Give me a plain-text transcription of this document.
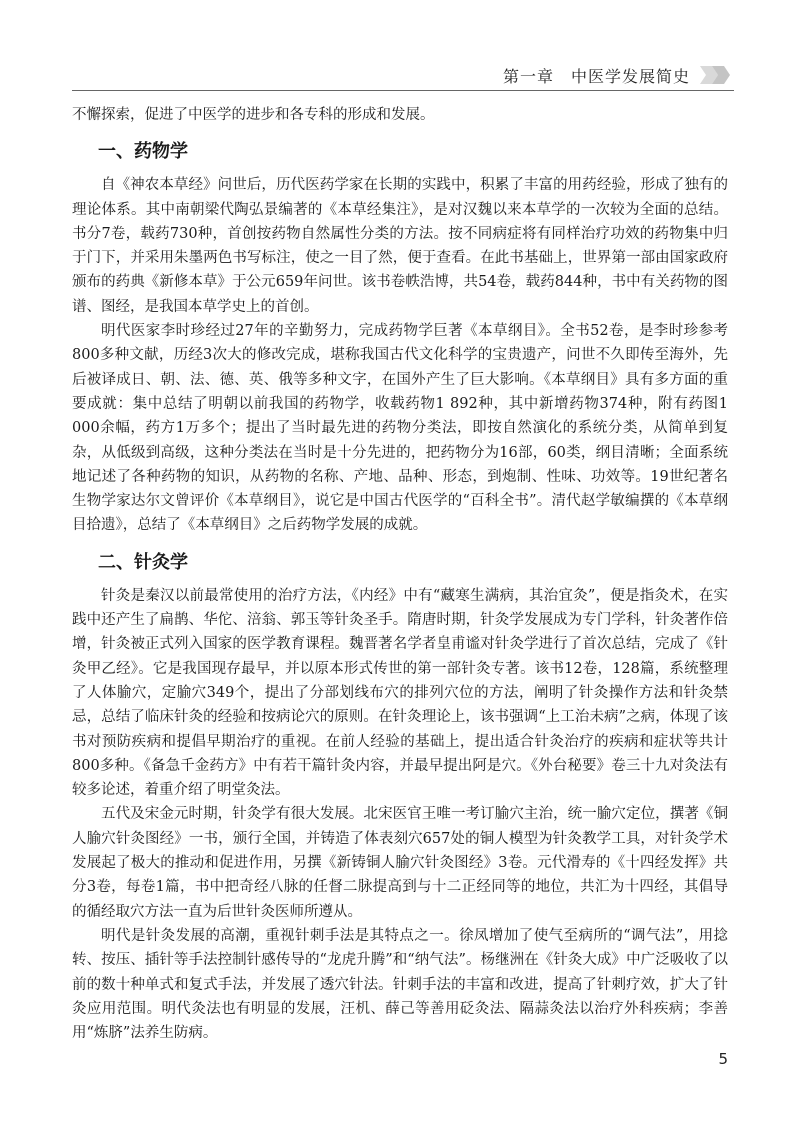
第一章　中医学发展简史

不懈探索，促进了中医学的进步和各专科的形成和发展。

一、药物学

自《神农本草经》问世后，历代医药学家在长期的实践中，积累了丰富的用药经验，形成了独有的理论体系。其中南朝梁代陶弘景编著的《本草经集注》，是对汉魏以来本草学的一次较为全面的总结。书分7卷，载药730种，首创按药物自然属性分类的方法。按不同病症将有同样治疗功效的药物集中归于门下，并采用朱墨两色书写标注，使之一目了然，便于查看。在此书基础上，世界第一部由国家政府颁布的药典《新修本草》于公元659年问世。该书卷帙浩博，共54卷，载药844种，书中有关药物的图谱、图经，是我国本草学史上的首创。

明代医家李时珍经过27年的辛勤努力，完成药物学巨著《本草纲目》。全书52卷，是李时珍参考800多种文献，历经3次大的修改完成，堪称我国古代文化科学的宝贵遗产，问世不久即传至海外，先后被译成日、朝、法、德、英、俄等多种文字，在国外产生了巨大影响。《本草纲目》具有多方面的重要成就：集中总结了明朝以前我国的药物学，收载药物1 892种，其中新增药物374种，附有药图1 000余幅，药方1万多个；提出了当时最先进的药物分类法，即按自然演化的系统分类，从简单到复杂，从低级到高级，这种分类法在当时是十分先进的，把药物分为16部，60类，纲目清晰；全面系统地记述了各种药物的知识，从药物的名称、产地、品种、形态，到炮制、性味、功效等。19世纪著名生物学家达尔文曾评价《本草纲目》，说它是中国古代医学的“百科全书”。清代赵学敏编撰的《本草纲目拾遗》，总结了《本草纲目》之后药物学发展的成就。

二、针灸学

针灸是秦汉以前最常使用的治疗方法，《内经》中有“藏寒生满病，其治宜灸”，便是指灸术，在实践中还产生了扁鹊、华佗、涪翁、郭玉等针灸圣手。隋唐时期，针灸学发展成为专门学科，针灸著作倍增，针灸被正式列入国家的医学教育课程。魏晋著名学者皇甫谧对针灸学进行了首次总结，完成了《针灸甲乙经》。它是我国现存最早，并以原本形式传世的第一部针灸专著。该书12卷，128篇，系统整理了人体腧穴，定腧穴349个，提出了分部划线布穴的排列穴位的方法，阐明了针灸操作方法和针灸禁忌，总结了临床针灸的经验和按病论穴的原则。在针灸理论上，该书强调“上工治未病”之病，体现了该书对预防疾病和提倡早期治疗的重视。在前人经验的基础上，提出适合针灸治疗的疾病和症状等共计800多种。《备急千金药方》中有若干篇针灸内容，并最早提出阿是穴。《外台秘要》卷三十九对灸法有较多论述，着重介绍了明堂灸法。

五代及宋金元时期，针灸学有很大发展。北宋医官王唯一考订腧穴主治，统一腧穴定位，撰著《铜人腧穴针灸图经》一书，颁行全国，并铸造了体表刻穴657处的铜人模型为针灸教学工具，对针灸学术发展起了极大的推动和促进作用，另撰《新铸铜人腧穴针灸图经》3卷。元代滑寿的《十四经发挥》共分3卷，每卷1篇，书中把奇经八脉的任督二脉提高到与十二正经同等的地位，共汇为十四经，其倡导的循经取穴方法一直为后世针灸医师所遵从。

明代是针灸发展的高潮，重视针刺手法是其特点之一。徐凤增加了使气至病所的“调气法”，用捻转、按压、插针等手法控制针感传导的“龙虎升腾”和“纳气法”。杨继洲在《针灸大成》中广泛吸收了以前的数十种单式和复式手法，并发展了透穴针法。针刺手法的丰富和改进，提高了针刺疗效，扩大了针灸应用范围。明代灸法也有明显的发展，汪机、薛己等善用砭灸法、隔蒜灸法以治疗外科疾病；李善用“炼脐”法养生防病。

5
